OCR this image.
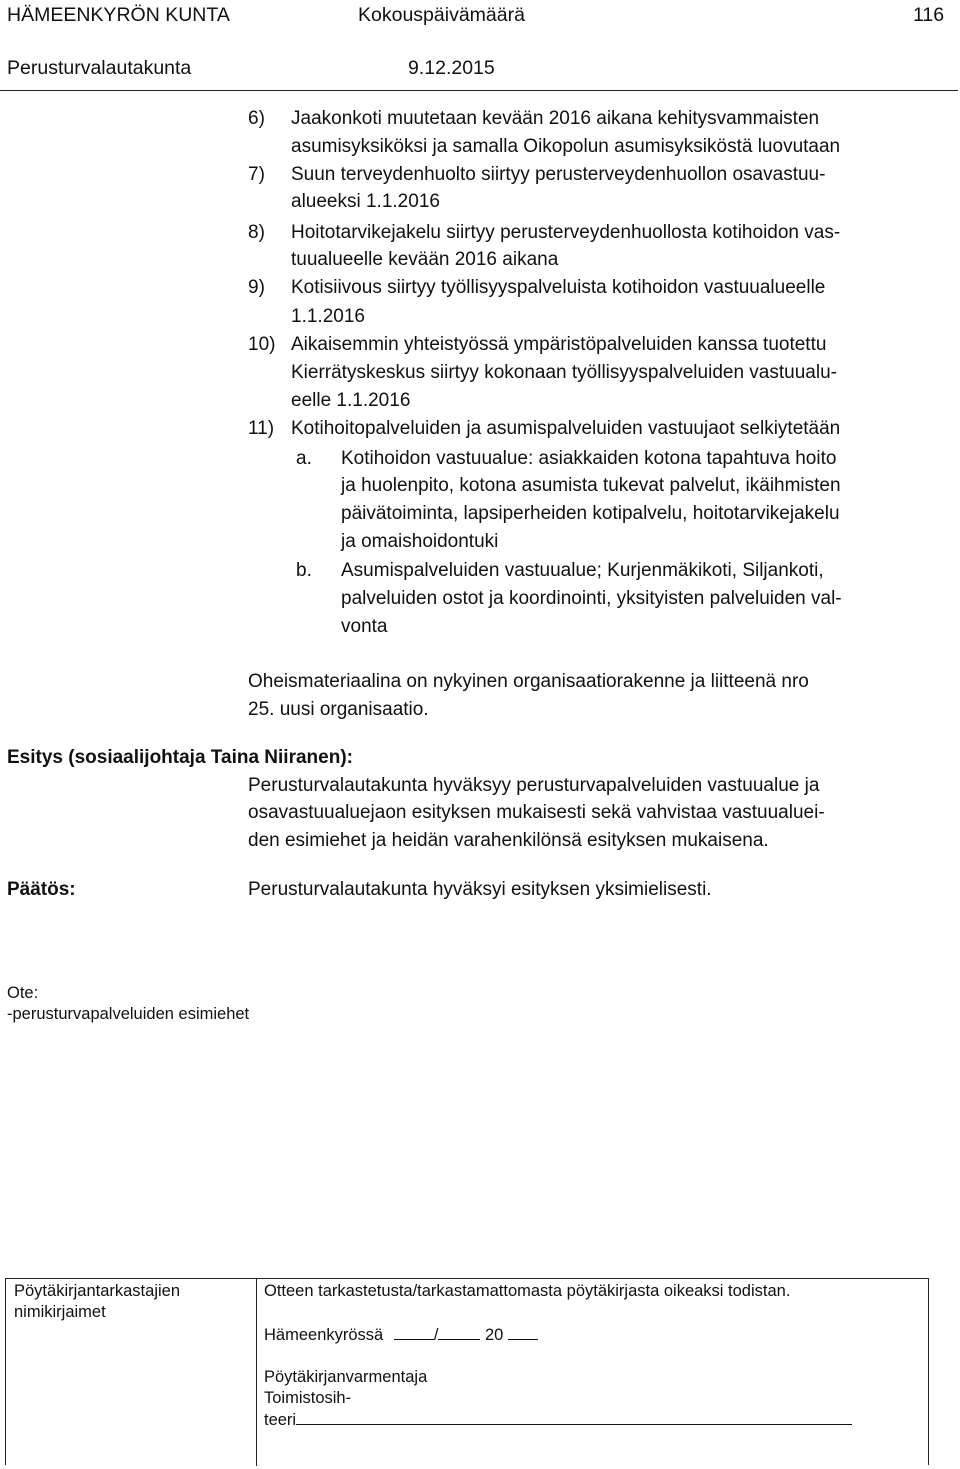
HÄMEENKYRÖN KUNTA	Kokouspäivämäärä	116
Perusturvalautakunta	9.12.2015
6) Jaakonkoti muutetaan kevään 2016 aikana kehitysvammaisten
asumisyksiköksi ja samalla Oikopolun asumisyksiköstä luovutaan
7) Suun terveydenhuolto siirtyy perusterveydenhuollon osavastuu-
alueeksi 1.1.2016
8) Hoitotarvikejakelu siirtyy perusterveydenhuollosta kotihoidon vas-
tuualueelle kevään 2016 aikana
9) Kotisiivous siirtyy työllisyyspalveluista kotihoidon vastuualueelle
1.1.2016
10) Aikaisemmin yhteistyössä ympäristöpalveluiden kanssa tuotettu
Kierrätyskeskus siirtyy kokonaan työllisyyspalveluiden vastuualu-
eelle 1.1.2016
11) Kotihoitopalveluiden ja asumispalveluiden vastuujaot selkiytetään
a. Kotihoidon vastuualue: asiakkaiden kotona tapahtuva hoito
ja huolenpito, kotona asumista tukevat palvelut, ikäihmisten
päivätoiminta, lapsiperheiden kotipalvelu, hoitotarvikejakelu
ja omaishoidontuki
b. Asumispalveluiden vastuualue; Kurjenmäkikoti, Siljankoti,
palveluiden ostot ja koordinointi, yksityisten palveluiden val-
vonta
Oheismateriaalina on nykyinen organisaatiorakenne ja liitteenä nro
25. uusi organisaatio.
Esitys (sosiaalijohtaja Taina Niiranen):
Perusturvalautakunta hyväksyy perusturvapalveluiden vastuualue ja
osavastuualuejaon esityksen mukaisesti sekä vahvistaa vastuualuei-
den esimiehet ja heidän varahenkilönsä esityksen mukaisena.
Päätös:	Perusturvalautakunta hyväksyi esityksen yksimielisesti.
Ote:
-perusturvapalveluiden esimiehet
Pöytäkirjantarkastajien
nimikirjaimet
Otteen tarkastetusta/tarkastamattomasta pöytäkirjasta oikeaksi todistan.
Hämeenkyrössä	/	20
Pöytäkirjanvarmentaja
Toimistosih-
teeri
